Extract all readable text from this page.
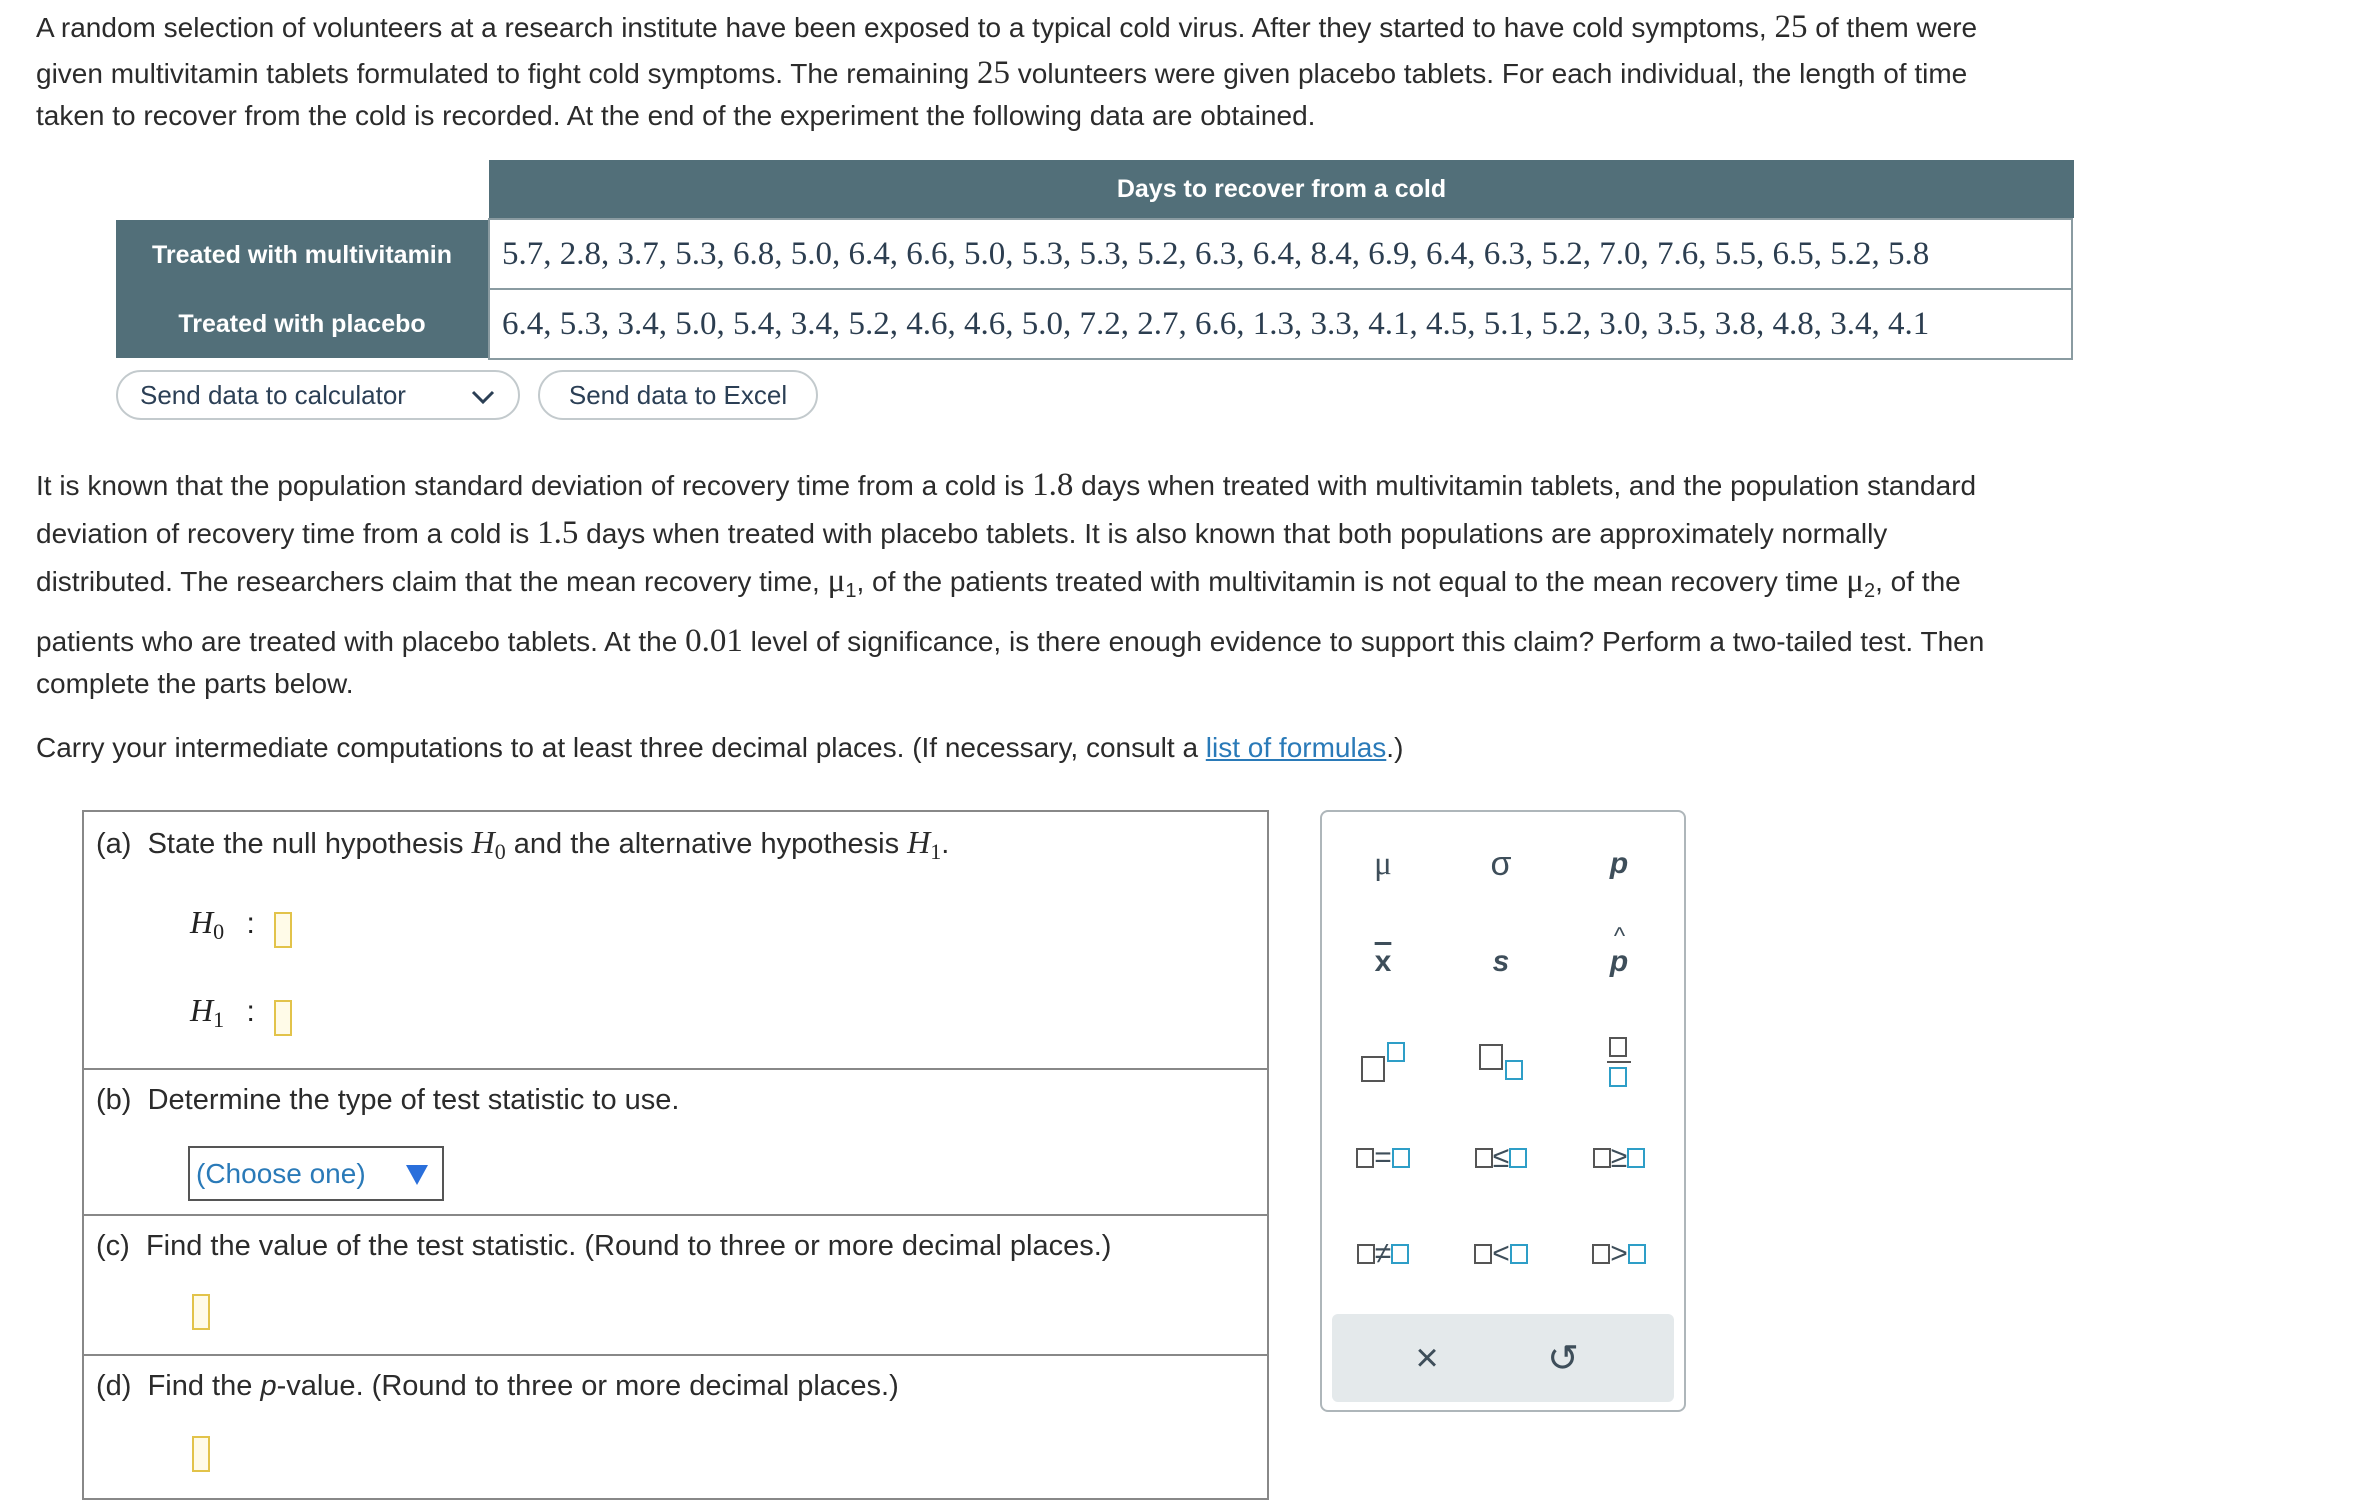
A random selection of volunteers at a research institute have been exposed to a typical cold virus. After they started to have cold symptoms, 25 of them were
given multivitamin tablets formulated to fight cold symptoms. The remaining 25 volunteers were given placebo tablets. For each individual, the length of time
taken to recover from the cold is recorded. At the end of the experiment the following data are obtained.
Days to recover from a cold
Treated with multivitamin	5.7, 2.8, 3.7, 5.3, 6.8, 5.0, 6.4, 6.6, 5.0, 5.3, 5.3, 5.2, 6.3, 6.4, 8.4, 6.9, 6.4, 6.3, 5.2, 7.0, 7.6, 5.5, 6.5, 5.2, 5.8
Treated with placebo	6.4, 5.3, 3.4, 5.0, 5.4, 3.4, 5.2, 4.6, 4.6, 5.0, 7.2, 2.7, 6.6, 1.3, 3.3, 4.1, 4.5, 5.1, 5.2, 3.0, 3.5, 3.8, 4.8, 3.4, 4.1
Send data to calculator	Send data to Excel
It is known that the population standard deviation of recovery time from a cold is 1.8 days when treated with multivitamin tablets, and the population standard
deviation of recovery time from a cold is 1.5 days when treated with placebo tablets. It is also known that both populations are approximately normally
distributed. The researchers claim that the mean recovery time, $\mu_1$, of the patients treated with multivitamin is not equal to the mean recovery time $\mu_2$, of the
patients who are treated with placebo tablets. At the 0.01 level of significance, is there enough evidence to support this claim? Perform a two-tailed test. Then
complete the parts below.
Carry your intermediate computations to at least three decimal places. (If necessary, consult a list of formulas.)
(a) State the null hypothesis $H_0$ and the alternative hypothesis $H_1$.
$H_0$ :
$H_1$ :
(b) Determine the type of test statistic to use.
(Choose one)
(c) Find the value of the test statistic. (Round to three or more decimal places.)
(d) Find the p-value. (Round to three or more decimal places.)
μ	σ	p
$\overline{x}$	s
^
p
=	≤	≥
≠	<	>
×	↺
